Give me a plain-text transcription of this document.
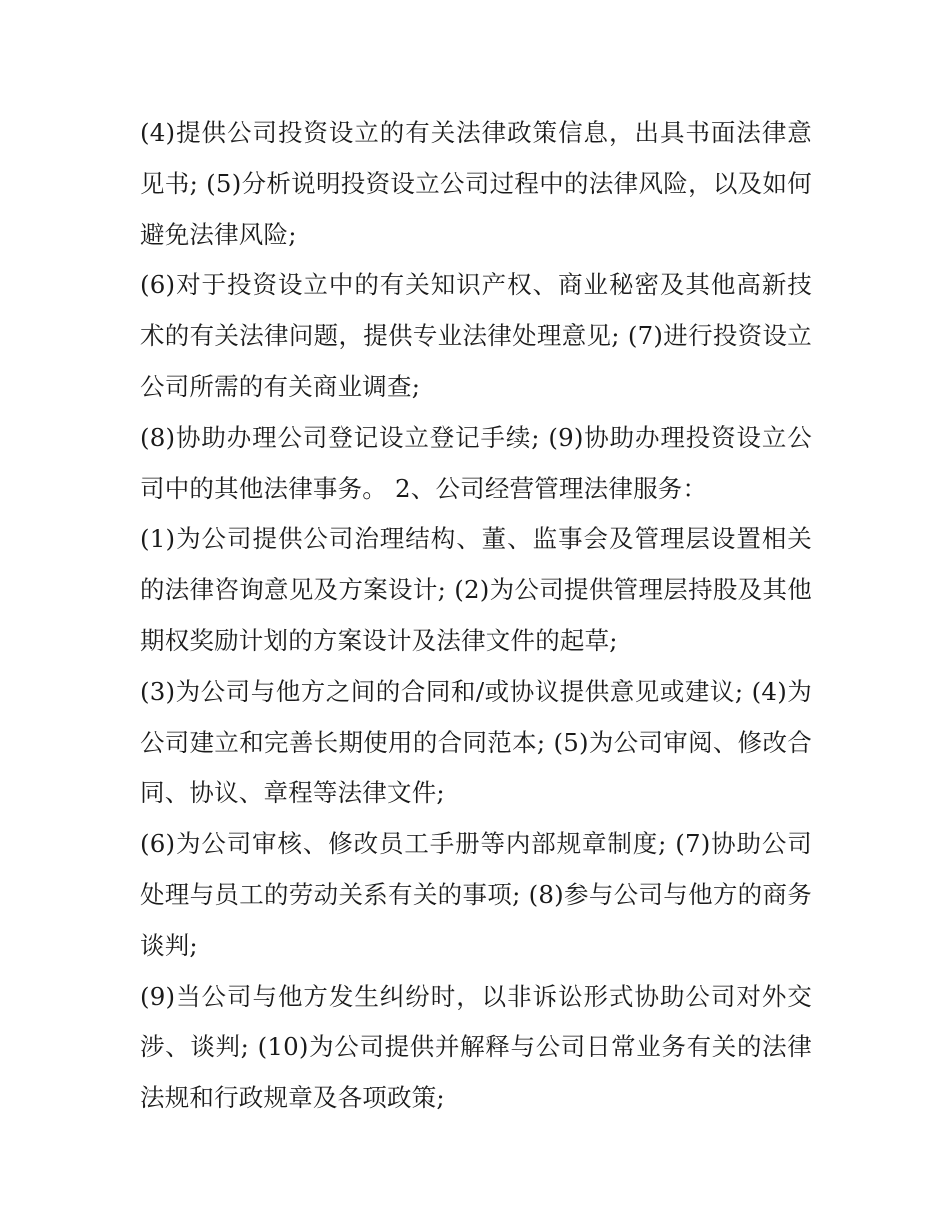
(4)提供公司投资设立的有关法律政策信息，出具书面法律意见书; (5)分析说明投资设立公司过程中的法律风险，以及如何避免法律风险;

(6)对于投资设立中的有关知识产权、商业秘密及其他高新技术的有关法律问题，提供专业法律处理意见; (7)进行投资设立公司所需的有关商业调查;

(8)协助办理公司登记设立登记手续; (9)协助办理投资设立公司中的其他法律事务。 2、公司经营管理法律服务：

(1)为公司提供公司治理结构、董、监事会及管理层设置相关的法律咨询意见及方案设计; (2)为公司提供管理层持股及其他期权奖励计划的方案设计及法律文件的起草;

(3)为公司与他方之间的合同和/或协议提供意见或建议; (4)为公司建立和完善长期使用的合同范本; (5)为公司审阅、修改合同、协议、章程等法律文件;

(6)为公司审核、修改员工手册等内部规章制度; (7)协助公司处理与员工的劳动关系有关的事项; (8)参与公司与他方的商务谈判;

(9)当公司与他方发生纠纷时，以非诉讼形式协助公司对外交涉、谈判; (10)为公司提供并解释与公司日常业务有关的法律法规和行政规章及各项政策;
